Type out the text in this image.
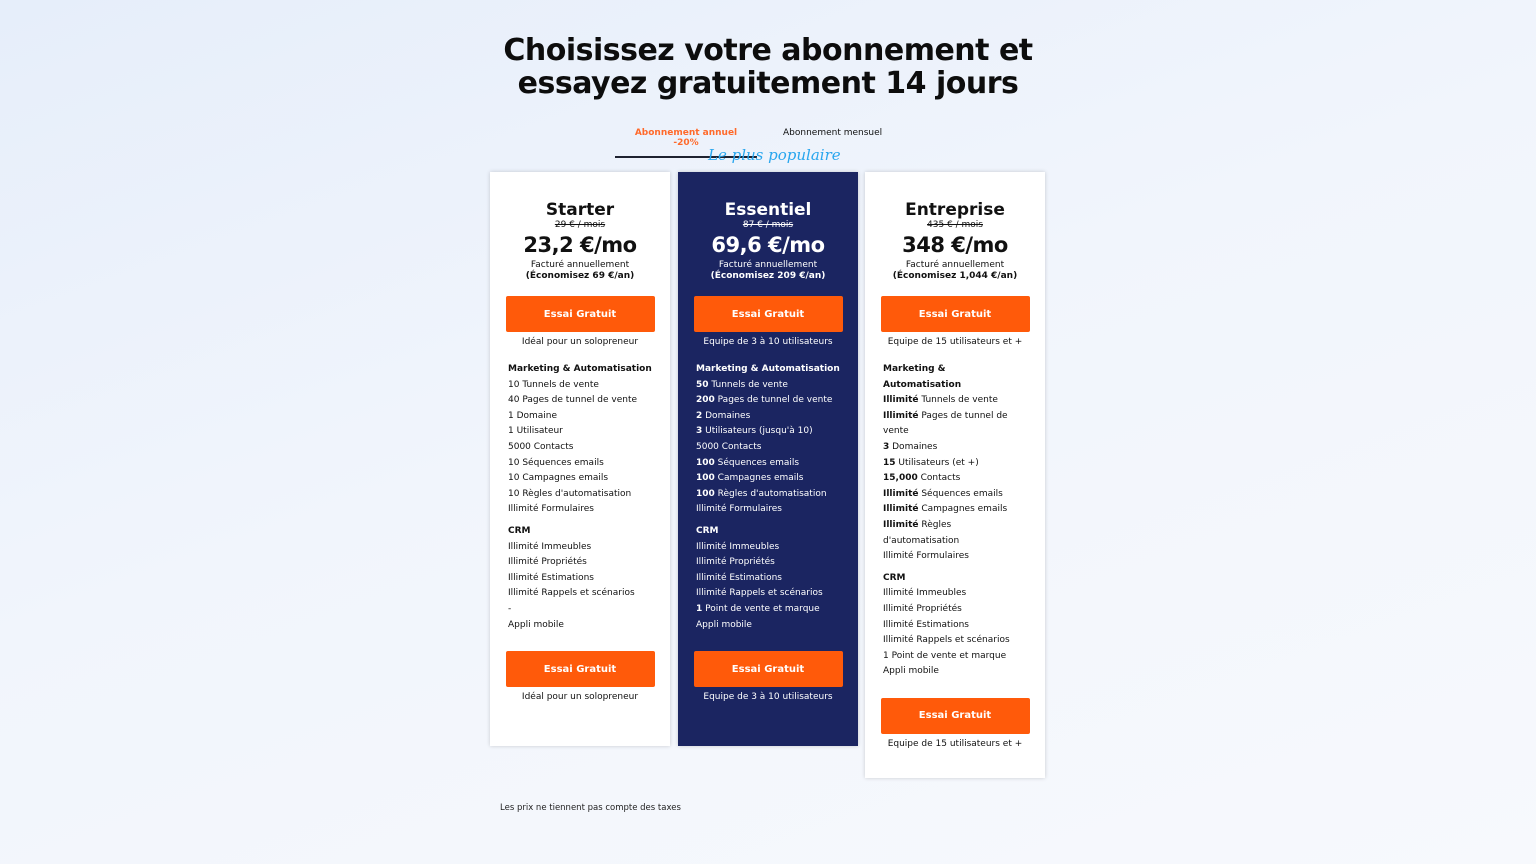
Choisissez votre abonnement et
essayez gratuitement 14 jours
Abonnement annuel -20%
Abonnement mensuel
Le plus populaire
Starter
29 € / mois
23,2 €/mo
Facturé annuellement
(Économisez 69 €/an)
Essai Gratuit
Idéal pour un solopreneur
Marketing & Automatisation
10 Tunnels de vente
40 Pages de tunnel de vente
1 Domaine
1 Utilisateur
5000 Contacts
10 Séquences emails
10 Campagnes emails
10 Règles d'automatisation
Illimité Formulaires
CRM
Illimité Immeubles
Illimité Propriétés
Illimité Estimations
Illimité Rappels et scénarios
-
Appli mobile
Essai Gratuit
Idéal pour un solopreneur
Essentiel
87 € / mois
69,6 €/mo
Facturé annuellement
(Économisez 209 €/an)
Essai Gratuit
Equipe de 3 à 10 utilisateurs
Marketing & Automatisation
50 Tunnels de vente
200 Pages de tunnel de vente
2 Domaines
3 Utilisateurs (jusqu'à 10)
5000 Contacts
100 Séquences emails
100 Campagnes emails
100 Règles d'automatisation
Illimité Formulaires
CRM
Illimité Immeubles
Illimité Propriétés
Illimité Estimations
Illimité Rappels et scénarios
1 Point de vente et marque
Appli mobile
Essai Gratuit
Equipe de 3 à 10 utilisateurs
Entreprise
435 € / mois
348 €/mo
Facturé annuellement
(Économisez 1,044 €/an)
Essai Gratuit
Equipe de 15 utilisateurs et +
Marketing & Automatisation
Illimité Tunnels de vente
Illimité Pages de tunnel de vente
3 Domaines
15 Utilisateurs (et +)
15,000 Contacts
Illimité Séquences emails
Illimité Campagnes emails
Illimité Règles d'automatisation
Illimité Formulaires
CRM
Illimité Immeubles
Illimité Propriétés
Illimité Estimations
Illimité Rappels et scénarios
1 Point de vente et marque
Appli mobile
Essai Gratuit
Equipe de 15 utilisateurs et +
Les prix ne tiennent pas compte des taxes
